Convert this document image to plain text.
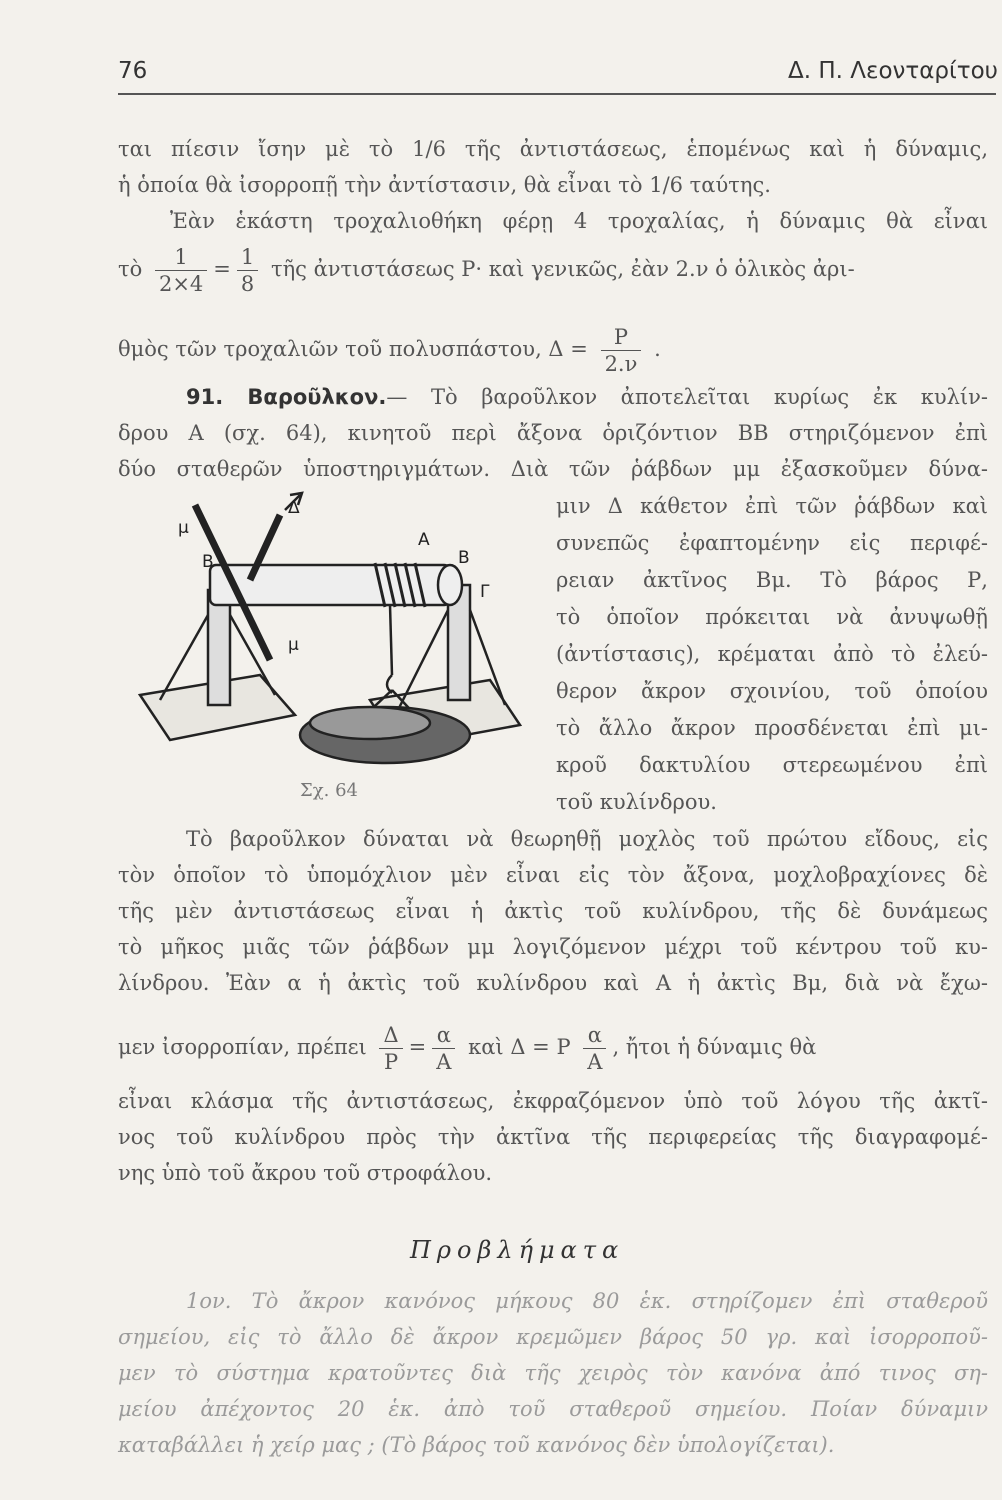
76	Δ. Π. Λεονταρίτου
ται πίεσιν ἴσην μὲ τὸ 1/6 τῆς ἀντιστάσεως, ἑπομένως καὶ ἡ δύναμις,
ἡ ὁποία θὰ ἰσορροπῇ τὴν ἀντίστασιν, θὰ εἶναι τὸ 1/6 ταύτης.
Ἐὰν ἑκάστη τροχαλιοθήκη φέρῃ 4 τροχαλίας, ἡ δύναμις θὰ εἶναι
τὸ $\frac{1}{2\times 4} = \frac{1}{8}$ τῆς ἀντιστάσεως Ρ· καὶ γενικῶς, ἐὰν 2.ν ὁ ὁλικὸς ἀρι-
θμὸς τῶν τροχαλιῶν τοῦ πολυσπάστου, $\Delta = \frac{P}{2.\nu}$ .
91. Βαροῦλκον.— Τὸ βαροῦλκον ἀποτελεῖται κυρίως ἐκ κυλίν-
δρου Α (σχ. 64), κινητοῦ περὶ ἄξονα ὁριζόντιον ΒΒ στηριζόμενον ἐπὶ
δύο σταθερῶν ὑποστηριγμάτων. Διὰ τῶν ῥάβδων μμ ἐξασκοῦμεν δύνα-
μιν Δ κάθετον ἐπὶ τῶν ῥάβδων καὶ
συνεπῶς ἐφαπτομένην εἰς περιφέ-
ρειαν ἀκτῖνος Βμ. Τὸ βάρος Ρ,
τὸ ὁποῖον πρόκειται νὰ ἀνυψωθῇ
(ἀντίστασις), κρέμαται ἀπὸ τὸ ἐλεύ-
θερον ἄκρον σχοινίου, τοῦ ὁποίου
τὸ ἄλλο ἄκρον προσδένεται ἐπὶ μι-
κροῦ δακτυλίου στερεωμένου ἐπὶ
τοῦ κυλίνδρου.
μ
Β
Δ
Α
Β
Γ
μ
Σχ. 64
Τὸ βαροῦλκον δύναται νὰ θεωρηθῇ μοχλὸς τοῦ πρώτου εἴδους, εἰς
τὸν ὁποῖον τὸ ὑπομόχλιον μὲν εἶναι εἰς τὸν ἄξονα, μοχλοβραχίονες δὲ
τῆς μὲν ἀντιστάσεως εἶναι ἡ ἀκτὶς τοῦ κυλίνδρου, τῆς δὲ δυνάμεως
τὸ μῆκος μιᾶς τῶν ῥάβδων μμ λογιζόμενον μέχρι τοῦ κέντρου τοῦ κυ-
λίνδρου. Ἐὰν α ἡ ἀκτὶς τοῦ κυλίνδρου καὶ Α ἡ ἀκτὶς Βμ, διὰ νὰ ἔχω-
μεν ἰσορροπίαν, πρέπει $\frac{\Delta}{P} = \frac{\alpha}{A}$ καὶ Δ = Ρ $\frac{\alpha}{A}$ , ἤτοι ἡ δύναμις θὰ
εἶναι κλάσμα τῆς ἀντιστάσεως, ἐκφραζόμενον ὑπὸ τοῦ λόγου τῆς ἀκτῖ-
νος τοῦ κυλίνδρου πρὸς τὴν ἀκτῖνα τῆς περιφερείας τῆς διαγραφομέ-
νης ὑπὸ τοῦ ἄκρου τοῦ στροφάλου.
Προβλήματα
1ον. Τὸ ἄκρον κανόνος μήκους 80 ἑκ. στηρίζομεν ἐπὶ σταθεροῦ
σημείου, εἰς τὸ ἄλλο δὲ ἄκρον κρεμῶμεν βάρος 50 γρ. καὶ ἰσορροποῦ-
μεν τὸ σύστημα κρατοῦντες διὰ τῆς χειρὸς τὸν κανόνα ἀπό τινος ση-
μείου ἀπέχοντος 20 ἑκ. ἀπὸ τοῦ σταθεροῦ σημείου. Ποίαν δύναμιν
καταβάλλει ἡ χείρ μας ; (Τὸ βάρος τοῦ κανόνος δὲν ὑπολογίζεται).
